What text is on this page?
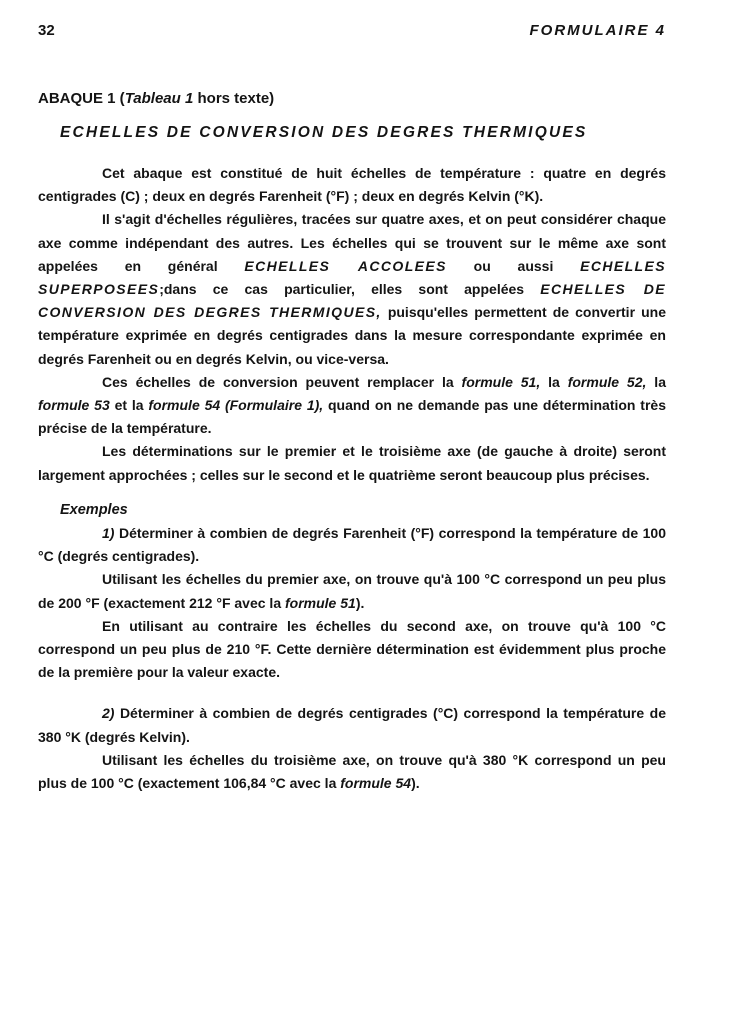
32	FORMULAIRE 4
ABAQUE 1 (Tableau 1 hors texte)
ECHELLES DE CONVERSION DES DEGRES THERMIQUES

Cet abaque est constitué de huit échelles de température : quatre en degrés centigrades (C) ; deux en degrés Farenheit (°F) ; deux en degrés Kelvin (°K).

Il s'agit d'échelles régulières, tracées sur quatre axes, et on peut considérer chaque axe comme indépendant des autres. Les échelles qui se trouvent sur le même axe sont appelées en général ECHELLES ACCOLEES ou aussi ECHELLES SUPERPOSEES;dans ce cas particulier, elles sont appelées ECHELLES DE CONVERSION DES DEGRES THERMIQUES, puisqu'elles permettent de convertir une température exprimée en degrés centigrades dans la mesure correspondante exprimée en degrés Farenheit ou en degrés Kelvin, ou vice-versa.

Ces échelles de conversion peuvent remplacer la formule 51, la formule 52, la formule 53 et la formule 54 (Formulaire 1), quand on ne demande pas une détermination très précise de la température.

Les déterminations sur le premier et le troisième axe (de gauche à droite) seront largement approchées ; celles sur le second et le quatrième seront beaucoup plus précises.

Exemples

1) Déterminer à combien de degrés Farenheit (°F) correspond la température de 100 °C (degrés centigrades).

Utilisant les échelles du premier axe, on trouve qu'à 100 °C correspond un peu plus de 200 °F (exactement 212 °F avec la formule 51).

En utilisant au contraire les échelles du second axe, on trouve qu'à 100 °C correspond un peu plus de 210 °F. Cette dernière détermination est évidemment plus proche de la première pour la valeur exacte.

2) Déterminer à combien de degrés centigrades (°C) correspond la température de 380 °K (degrés Kelvin).

Utilisant les échelles du troisième axe, on trouve qu'à 380 °K correspond un peu plus de 100 °C (exactement 106,84 °C avec la formule 54).
